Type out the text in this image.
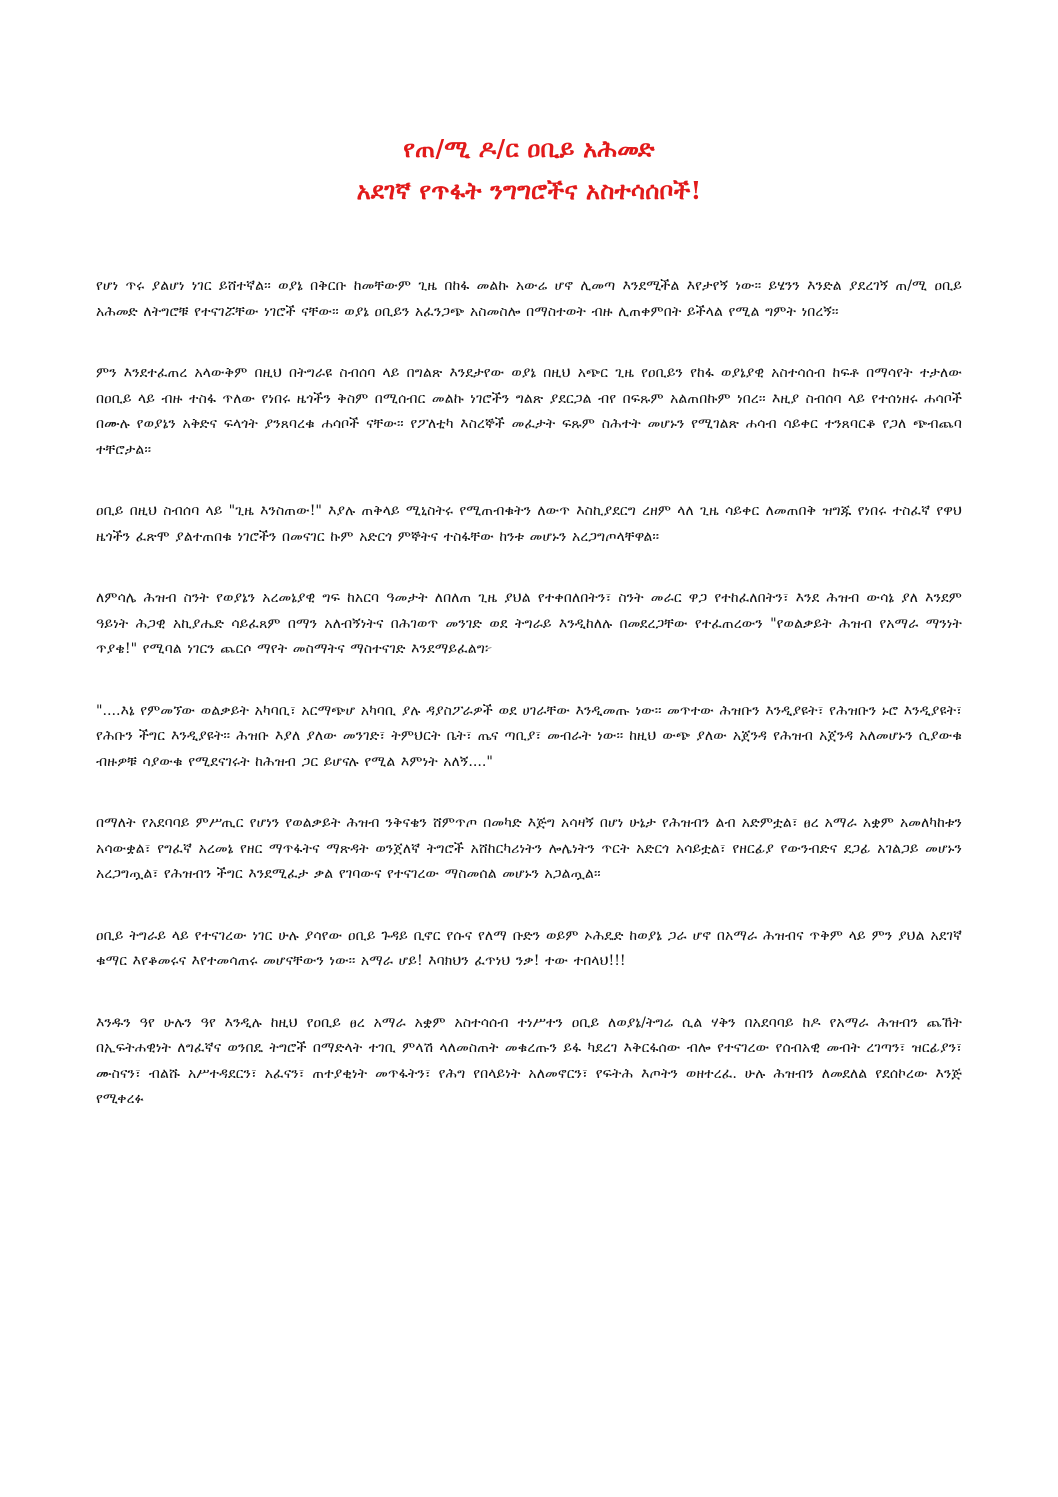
የጠ/ሚ ዶ/ር ዐቢይ አሕመድ
አደገኛ የጥፋት ንግግሮችና አስተሳሰቦች!

የሆነ ጥሩ ያልሆነ ነገር ይሸተኛል፡፡ ወያኔ በቅርቡ ከመቸውም ጊዜ በከፋ መልኩ አውሬ ሆኖ ሊመጣ እንደሚችል እየታየኝ ነው፡፡ ይሄንን እንድል ያደረገኝ ጠ/ሚ ዐቢይ አሕመድ ለትግሮቹ የተናገሯቸው ነገሮች ናቸው፡፡ ወያኔ ዐቢይን አፈንጋጭ አስመስሎ በማስተወት ብዙ ሊጠቀምበት ይችላል የሚል ግምት ነበረኝ፡፡

ምን እንደተፈጠረ አላውቅም በዚህ በትግራዩ ስብሰባ ላይ በግልጽ እንደታየው ወያኔ በዚህ አጭር ጊዜ የዐቢይን የከፋ ወያኔያዊ አስተሳሰብ ከፍቶ በማሳየት ተታለው በዐቢይ ላይ ብዙ ተስፋ ጥለው የነበሩ ዜጎችን ቅስም በሚሰብር መልኩ ነገሮችን ግልጽ ያደርጋል ብየ በፍጹም አልጠበኩም ነበረ፡፡ እዚያ ስብሰባ ላይ የተሰነዘሩ ሐሳቦች በሙሉ የወያኔን አቅድና ፍላጎት ያንጸባረቁ ሐሳቦች ናቸው፡፡ የፖለቲካ እስረኞች መፈታት ፍጹም ስሕተት መሆኑን የሚገልጽ ሐሳብ ሳይቀር ተንጸባርቆ የጋለ ጭብጨባ ተቸሮታል፡፡

ዐቢይ በዚህ ስብሰባ ላይ "ጊዜ እንስጠው!" እያሉ ጠቅላይ ሚኒስትሩ የሚጠብቁትን ለውጥ እስኪያደርግ ረዘም ላለ ጊዜ ሳይቀር ለመጠበቅ ዝግጁ የነበሩ ተስፈኛ የዋህ ዜጎችን ፈጽሞ ያልተጠበቁ ነገሮችን በመናገር ኩም አድርጎ ምኞትና ተስፋቸው ከንቱ መሆኑን አረጋግጦላቸዋል፡፡

ለምሳሌ ሕዝብ ስንት የወያኔን አረመኔያዊ ግፍ ከአርባ ዓመታት ለበለጠ ጊዜ ያህል የተቀበለበትን፣ ስንት መራር ዋጋ የተከፈለበትን፣ እንደ ሕዝብ ውሳኔ ያለ እንደም ዓይነት ሕጋዊ አኪያሔድ ሳይፈጸም በማን አለብኝነትና በሕገወጥ መንገድ ወደ ትግራይ እንዲከለሉ በመደረጋቸው የተፈጠረውን "የወልቃይት ሕዝብ የአማራ ማንነት ጥያቄ!" የሚባል ነገርን ጨርሶ ማየት መስማትና ማስተናገድ እንደማይፈልግ፦

"....እኔ የምመኘው ወልቃይት አካባቢ፣ አርማጭሆ አካባቢ ያሉ ዳያስፖራዎች ወደ ሀገራቸው እንዲመጡ ነው፡፡ መጥተው ሕዝቡን እንዲያዩት፣ የሕዝቡን ኑሮ እንዲያዩት፣ የሕቡን ችግር እንዲያዩት፡፡ ሕዝቡ እያለ ያለው መንገድ፣ ትምህርት ቤት፣ ጤና ጣቢያ፣ መብራት ነው፡፡ ከዚህ ውጭ ያለው አጀንዳ የሕዝብ አጀንዳ አለመሆኑን ሲያውቁ ብዙዎቹ ሳያውቁ የሚደናገሩት ከሕዝብ ጋር ይሆናሉ የሚል እምነት አለኝ...."

በማለት የአደባባይ ምሥጢር የሆነን የወልቃይት ሕዝብ ንቅናቄን ሸምጥጦ በመካድ እጅግ አሳዛኝ በሆነ ሁኔታ የሕዝብን ልብ አድምቷል፣ ፀረ አማራ አቋም አመለካከቱን አሳውቋል፣ የግፈኛ አረመኔ የዘር ማጥፋትና ማጽዳት ወንጀለኛ ትግሮች አሸከርካሪነትን ሎሌነትን ጥርት አድርጎ አሳይቷል፣ የዘርፊያ የውንብድና ደጋፊ አገልጋይ መሆኑን አረጋግጧል፣ የሕዝብን ችግር እንደሚፈታ ቃል የገባውና የተናገረው ማስመሰል መሆኑን አጋልጧል፡፡

ዐቢይ ትግራይ ላይ የተናገረው ነገር ሁሉ ያሳየው ዐቢይ ጉዳይ ቢኖር የሱና የለማ ቡድን ወይም ኦሕዴድ ከወያኔ ጋራ ሆኖ በአማራ ሕዝብና ጥቅም ላይ ምን ያህል አደገኛ ቁማር እየቆመሩና እየተመሳጠሩ መሆናቸውን ነው፡፡ አማራ ሆይ! እባክህን ፈጥነህ ንቃ! ተው ተበላህ!!!

እንዱን ዓየ ሁሉን ዓየ እንዲሉ ከዚህ የዐቢይ ፀረ አማራ አቋም አስተሳሰብ ተነሥተን ዐቢይ ለወያኔ/ትግሬ ሲል ሃቅን በአደባባይ ከዶ የአማራ ሕዝብን ጨኸት በኢፍትሐዊነት ለግፈኛና ወንበዴ ትግሮች በማድላት ተገቢ ምላሽ ላለመስጠት መቁረጡን ይፋ ካደረገ እቅርፋሰው ብሎ የተናገረው የሰብአዊ መብት ረገጣን፣ ዝርፊያን፣ ሙስናን፣ ብልሹ አሥተዳደርን፣ አፈናን፣ ጠተያቂነት መጥፋትን፣ የሕግ የበላይነት አለመኖርን፣ የፍትሕ እጦትን ወዘተረፈ. ሁሉ ሕዝብን ለመደለል የደሰኮረው እንጅ የሚቀረፉ
